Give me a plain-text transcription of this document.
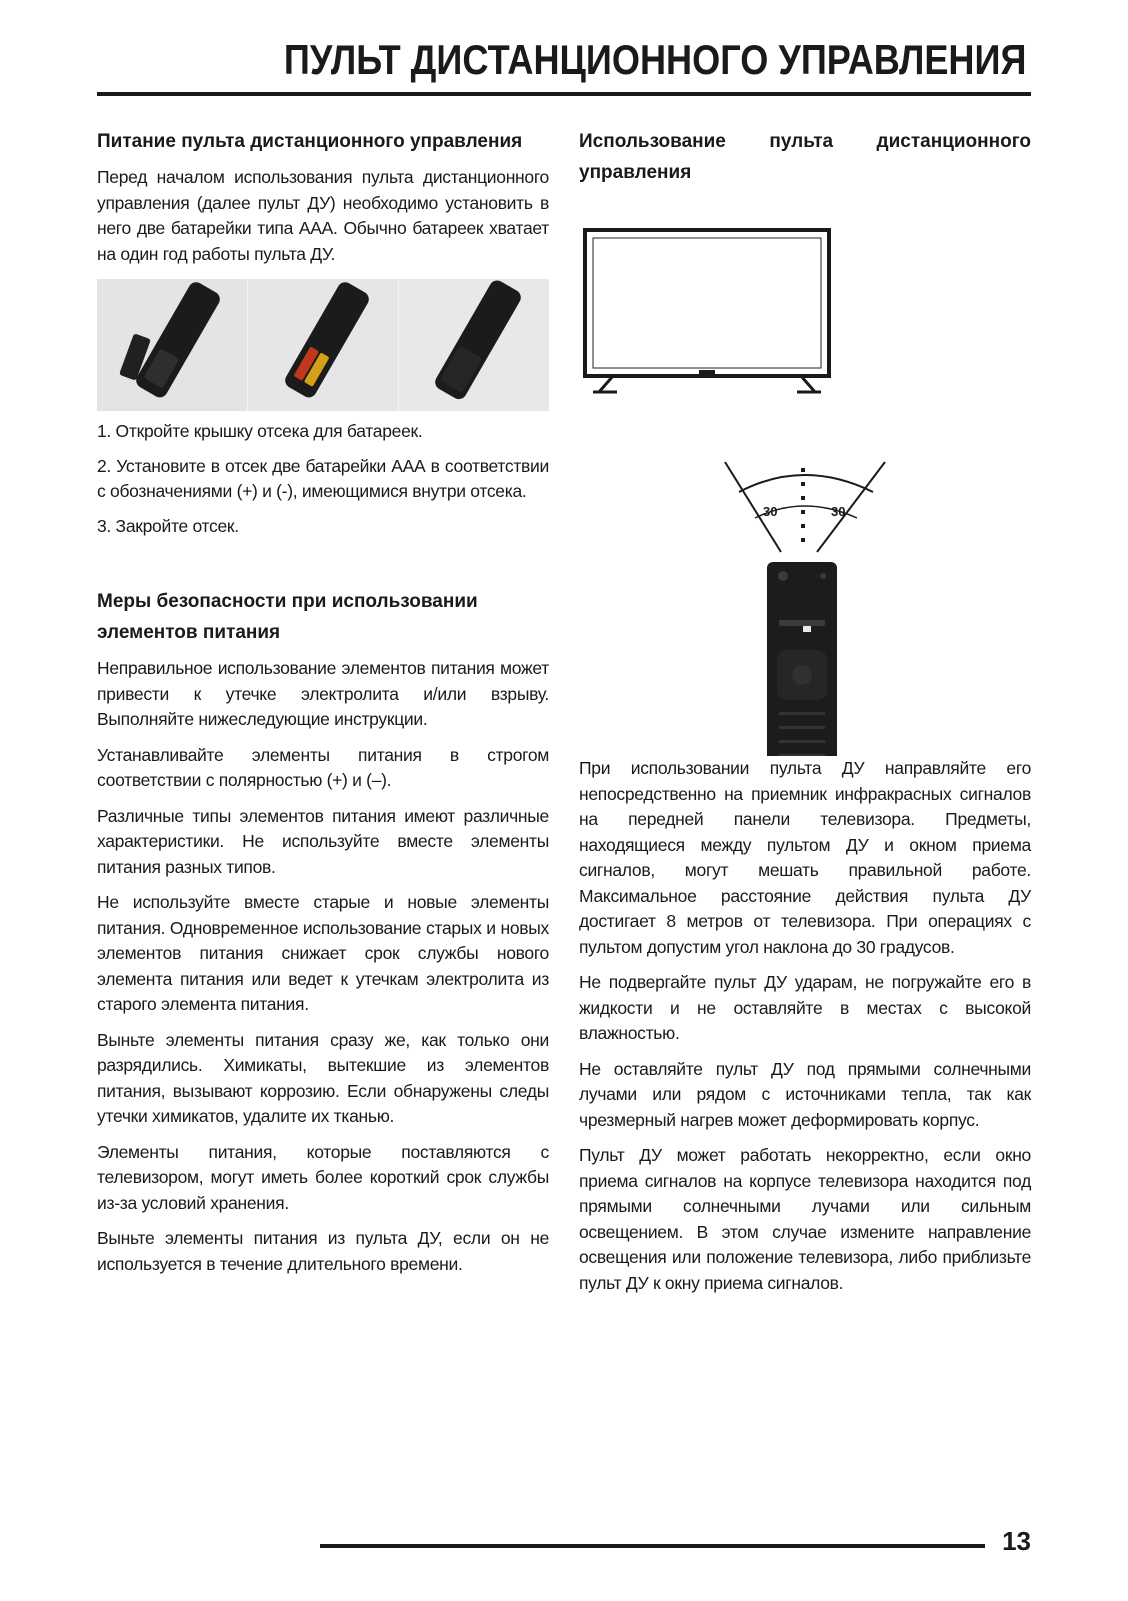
ПУЛЬТ ДИСТАНЦИОННОГО УПРАВЛЕНИЯ
Питание пульта дистанционного управления

Перед началом использования пульта дистанционного управления (далее пульт ДУ) необходимо установить в него две батарейки типа ААА. Обычно батареек хватает на один год работы пульта ДУ.

1. Откройте крышку отсека для батареек.

2. Установите в отсек две батарейки ААА в соответствии с обозначениями (+) и (-), имеющимися внутри отсека.

3. Закройте отсек.

Меры безопасности при использовании элементов питания

Неправильное использование элементов питания может привести к утечке электролита и/или взрыву. Выполняйте нижеследующие инструкции.

Устанавливайте элементы питания в строгом соответствии с полярностью (+) и (–).

Различные типы элементов питания имеют различные характеристики. Не используйте вместе элементы питания разных типов.

Не используйте вместе старые и новые элементы питания. Одновременное использование старых и новых элементов питания снижает срок службы нового элемента питания или ведет к утечкам электролита из старого элемента питания.

Выньте элементы питания сразу же, как только они разрядились. Химикаты, вытекшие из элементов питания, вызывают коррозию. Если обнаружены следы утечки химикатов, удалите их тканью.

Элементы питания, которые поставляются с телевизором, могут иметь более короткий срок службы из-за условий хранения.

Выньте элементы питания из пульта ДУ, если он не используется в течение длительного времени.

Использование пульта дистанционного управления
30	30

При использовании пульта ДУ направляйте его непосредственно на приемник инфракрасных сигналов на передней панели телевизора. Предметы, находящиеся между пультом ДУ и окном приема сигналов, могут мешать правильной работе. Максимальное расстояние действия пульта ДУ достигает 8 метров от телевизора. При операциях с пультом допустим угол наклона до 30 градусов.

Не подвергайте пульт ДУ ударам, не погружайте его в жидкости и не оставляйте в местах с высокой влажностью.

Не оставляйте пульт ДУ под прямыми солнечными лучами или рядом с источниками тепла, так как чрезмерный нагрев может деформировать корпус.

Пульт ДУ может работать некорректно, если окно приема сигналов на корпусе телевизора находится под прямыми солнечными лучами или сильным освещением. В этом случае измените направление освещения или положение телевизора, либо приблизьте пульт ДУ к окну приема сигналов.

13
